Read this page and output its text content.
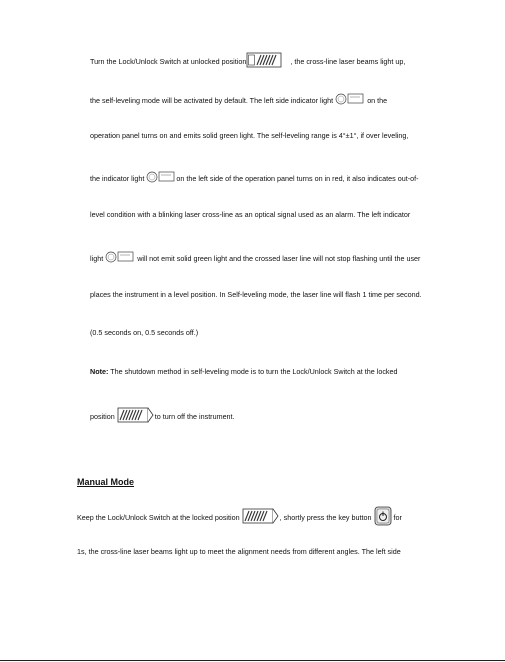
Turn the Lock/Unlock Switch at unlocked position	, the cross-line laser beams light up,
the self-leveling mode will be activated by default. The left side indicator light	on the
operation panel turns on and emits solid green light. The self-leveling range is 4°±1°, if over leveling,
the indicator light	on the left side of the operation panel turns on in red, it also indicates out-of-
level condition with a blinking laser cross-line as an optical signal used as an alarm. The left indicator
light	will not emit solid green light and the crossed laser line will not stop flashing until the user
places the instrument in a level position. In Self-leveling mode, the laser line will flash 1 time per second.
(0.5 seconds on, 0.5 seconds off.)
Note: The shutdown method in self-leveling mode is to turn the Lock/Unlock Switch at the locked
position	to turn off the instrument.
Manual Mode
Keep the Lock/Unlock Switch at the locked position	, shortly press the key button	for
1s, the cross-line laser beams light up to meet the alignment needs from different angles. The left side
